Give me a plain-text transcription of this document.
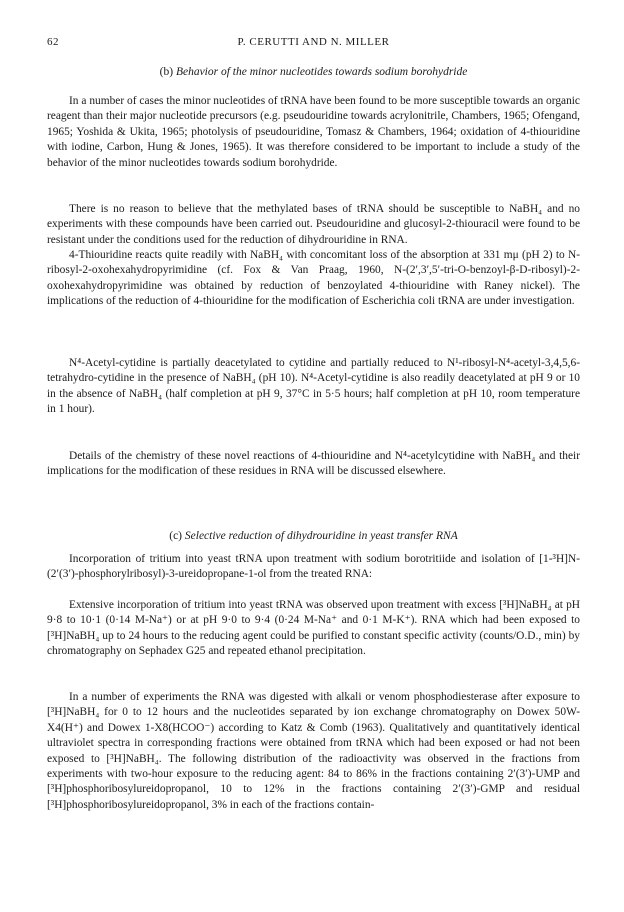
62	P. CERUTTI AND N. MILLER
(b) Behavior of the minor nucleotides towards sodium borohydride

In a number of cases the minor nucleotides of tRNA have been found to be more susceptible towards an organic reagent than their major nucleotide precursors (e.g. pseudouridine towards acrylonitrile, Chambers, 1965; Ofengand, 1965; Yoshida & Ukita, 1965; photolysis of pseudouridine, Tomasz & Chambers, 1964; oxidation of 4-thiouridine with iodine, Carbon, Hung & Jones, 1965). It was therefore considered to be important to include a study of the behavior of the minor nucleotides towards sodium borohydride.

There is no reason to believe that the methylated bases of tRNA should be susceptible to NaBH₄ and no experiments with these compounds have been carried out. Pseudouridine and glucosyl-2-thiouracil were found to be resistant under the conditions used for the reduction of dihydrouridine in RNA.

4-Thiouridine reacts quite readily with NaBH₄ with concomitant loss of the absorption at 331 mμ (pH 2) to N-ribosyl-2-oxohexahydropyrimidine (cf. Fox & Van Praag, 1960, N-(2′,3′,5′-tri-O-benzoyl-β-D-ribosyl)-2-oxohexahydropyrimidine was obtained by reduction of benzoylated 4-thiouridine with Raney nickel). The implications of the reduction of 4-thiouridine for the modification of Escherichia coli tRNA are under investigation.

N⁴-Acetyl-cytidine is partially deacetylated to cytidine and partially reduced to N¹-ribosyl-N⁴-acetyl-3,4,5,6-tetrahydro-cytidine in the presence of NaBH₄ (pH 10). N⁴-Acetyl-cytidine is also readily deacetylated at pH 9 or 10 in the absence of NaBH₄ (half completion at pH 9, 37°C in 5·5 hours; half completion at pH 10, room temperature in 1 hour).

Details of the chemistry of these novel reactions of 4-thiouridine and N⁴-acetylcytidine with NaBH₄ and their implications for the modification of these residues in RNA will be discussed elsewhere.

(c) Selective reduction of dihydrouridine in yeast transfer RNA

Incorporation of tritium into yeast tRNA upon treatment with sodium borotritiide and isolation of [1-³H]N-(2′(3′)-phosphorylribosyl)-3-ureidopropane-1-ol from the treated RNA:

Extensive incorporation of tritium into yeast tRNA was observed upon treatment with excess [³H]NaBH₄ at pH 9·8 to 10·1 (0·14 M-Na⁺) or at pH 9·0 to 9·4 (0·24 M-Na⁺ and 0·1 M-K⁺). RNA which had been exposed to [³H]NaBH₄ up to 24 hours to the reducing agent could be purified to constant specific activity (counts/O.D., min) by chromatography on Sephadex G25 and repeated ethanol precipitation.

In a number of experiments the RNA was digested with alkali or venom phosphodiesterase after exposure to [³H]NaBH₄ for 0 to 12 hours and the nucleotides separated by ion exchange chromatography on Dowex 50W-X4(H⁺) and Dowex 1-X8(HCOO⁻) according to Katz & Comb (1963). Qualitatively and quantitatively identical ultraviolet spectra in corresponding fractions were obtained from tRNA which had been exposed or had not been exposed to [³H]NaBH₄. The following distribution of the radioactivity was observed in the fractions from experiments with two-hour exposure to the reducing agent: 84 to 86% in the fractions containing 2′(3′)-UMP and [³H]phosphoribosylureidopropanol, 10 to 12% in the fractions containing 2′(3′)-GMP and residual [³H]phosphoribosylureidopropanol, 3% in each of the fractions contain-
